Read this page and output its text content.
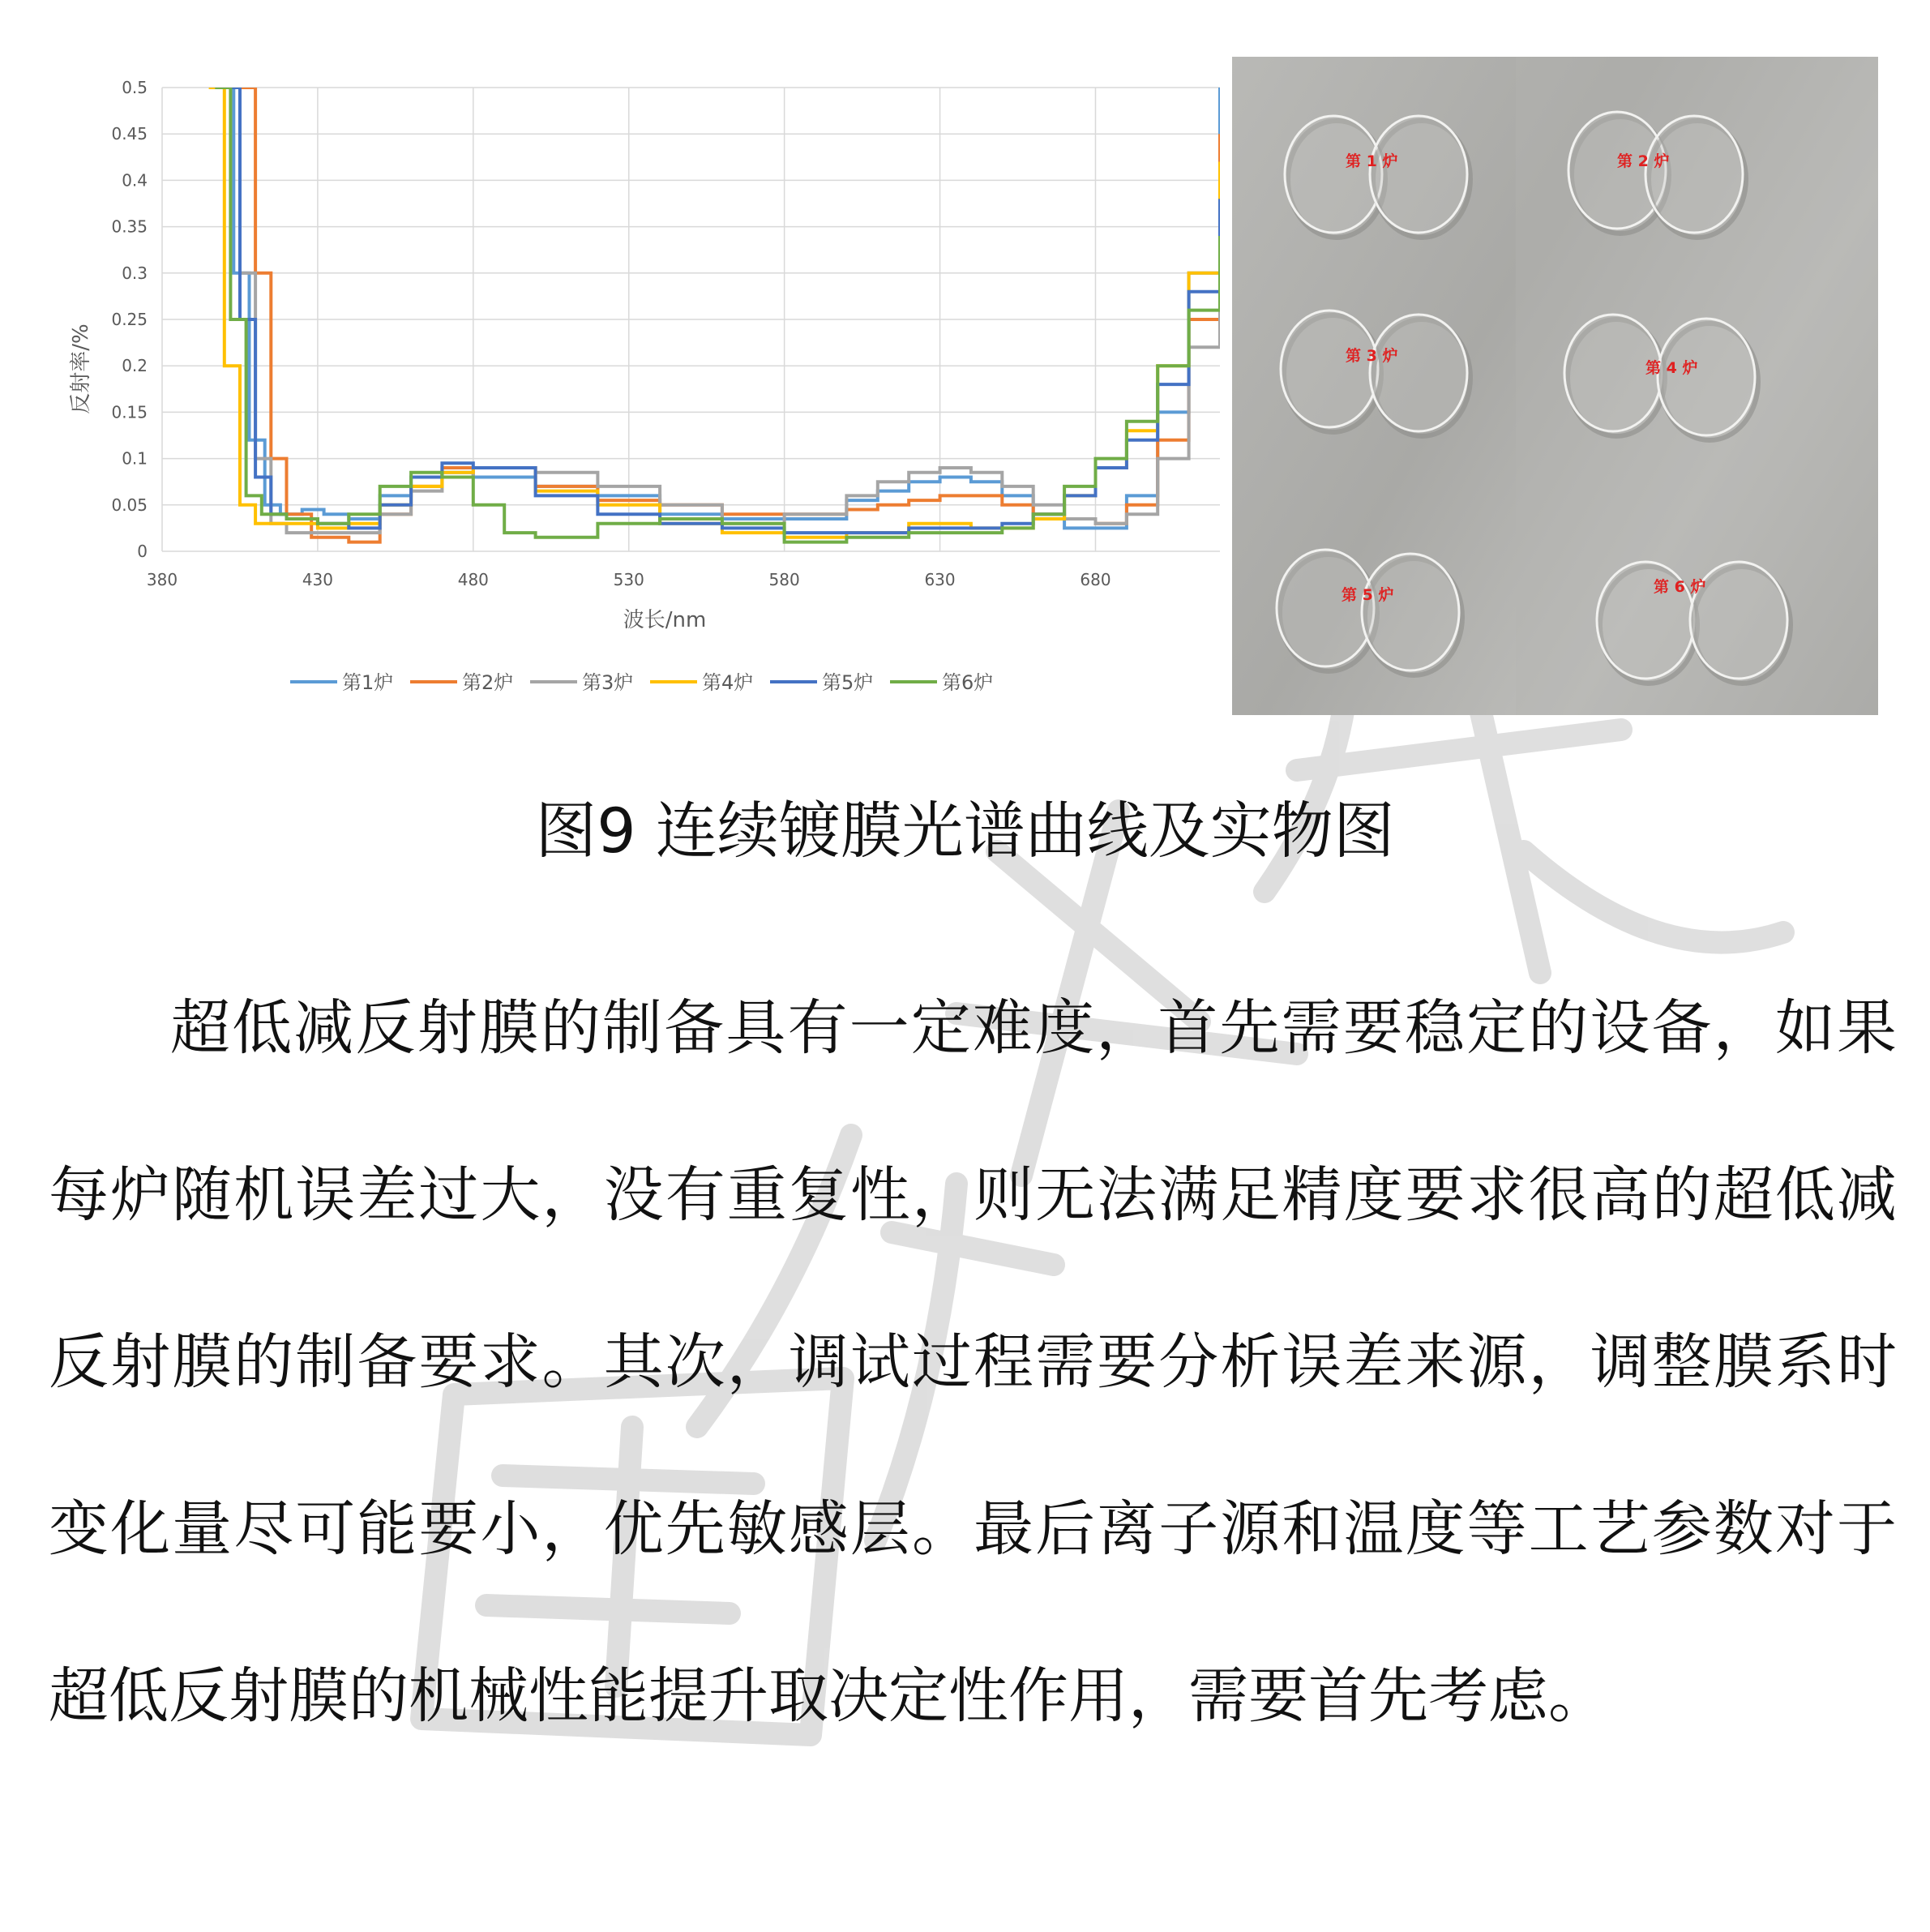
0
0.05
0.1
0.15
0.2
0.25
0.3
0.35
0.4
0.45
0.5
380	430	480	530	580	630	680
波长/nm
反射率/%
第1炉	第2炉	第3炉	第4炉	第5炉	第6炉
第 1 炉	第 2 炉
第 3 炉
第 4 炉
第 5 炉	第 6 炉
图9 连续镀膜光谱曲线及实物图

超低减反射膜的制备具有一定难度，首先需要稳定的设备，如果每炉随机误差过大，没有重复性，则无法满足精度要求很高的超低减反射膜的制备要求。其次，调试过程需要分析误差来源，调整膜系时变化量尽可能要小，优先敏感层。最后离子源和温度等工艺参数对于超低反射膜的机械性能提升取决定性作用，需要首先考虑。
